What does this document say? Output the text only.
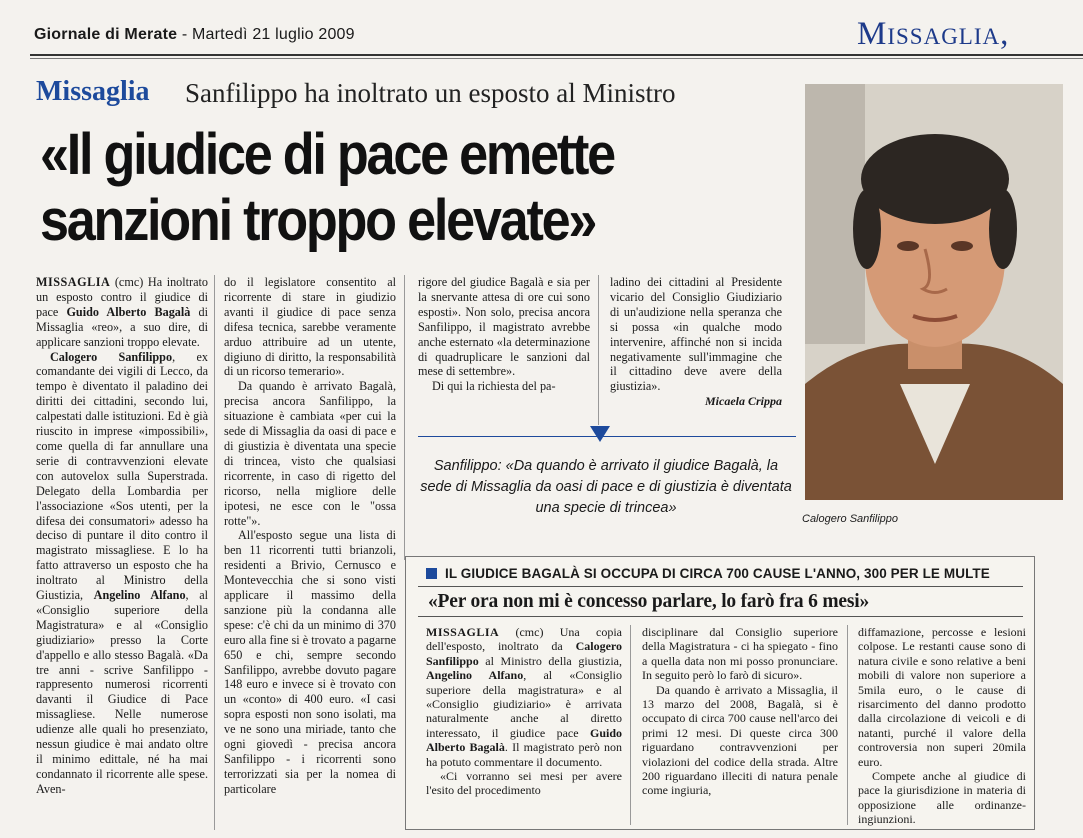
Giornale di Merate - Martedì 21 luglio 2009	Missaglia,
Missaglia Sanfilippo ha inoltrato un esposto al Ministro
«Il giudice di pace emette
sanzioni troppo elevate»
Calogero Sanfilippo

MISSAGLIA (cmc) Ha inoltrato un esposto contro il giudice di pace Guido Alberto Bagalà di Missaglia «reo», a suo dire, di applicare sanzioni troppo elevate.

Calogero Sanfilippo, ex comandante dei vigili di Lecco, da tempo è diventato il paladino dei diritti dei cittadini, secondo lui, calpestati dalle istituzioni. Ed è già riuscito in imprese «impossibili», come quella di far annullare una serie di contravvenzioni elevate con autovelox sulla Superstrada. Delegato della Lombardia per l'associazione «Sos utenti, per la difesa dei consumatori» adesso ha deciso di puntare il dito contro il magistrato missagliese. E lo ha fatto attraverso un esposto che ha inoltrato al Ministro della Giustizia, Angelino Alfano, al «Consiglio superiore della Magistratura» e al «Consiglio giudiziario» presso la Corte d'appello e allo stesso Bagalà. «Da tre anni - scrive Sanfilippo - rappresento numerosi ricorrenti davanti il Giudice di Pace missagliese. Nelle numerose udienze alle quali ho presenziato, nessun giudice è mai andato oltre il minimo edittale, né ha mai condannato il ricorrente alle spese. Aven-

do il legislatore consentito al ricorrente di stare in giudizio avanti il giudice di pace senza difesa tecnica, sarebbe veramente arduo attribuire ad un utente, digiuno di diritto, la responsabilità di un ricorso temerario».

Da quando è arrivato Bagalà, precisa ancora Sanfilippo, la situazione è cambiata «per cui la sede di Missaglia da oasi di pace e di giustizia è diventata una specie di trincea, visto che qualsiasi ricorrente, in caso di rigetto del ricorso, nella migliore delle ipotesi, ne esce con le "ossa rotte"».

All'esposto segue una lista di ben 11 ricorrenti tutti brianzoli, residenti a Brivio, Cernusco e Montevecchia che si sono visti applicare il massimo della sanzione più la condanna alle spese: c'è chi da un minimo di 370 euro alla fine si è trovato a pagarne 650 e chi, sempre secondo Sanfilippo, avrebbe dovuto pagare 148 euro e invece si è trovato con un «conto» di 400 euro. «I casi sopra esposti non sono isolati, ma ve ne sono una miriade, tanto che ogni giovedì - precisa ancora Sanfilippo - i ricorrenti sono terrorizzati sia per la nomea di particolare

rigore del giudice Bagalà e sia per la snervante attesa di ore cui sono esposti». Non solo, precisa ancora Sanfilippo, il magistrato avrebbe anche esternato «la determinazione di quadruplicare le sanzioni dal mese di settembre».

Di qui la richiesta del pa-

ladino dei cittadini al Presidente vicario del Consiglio Giudiziario di un'audizione nella speranza che si possa «in qualche modo intervenire, affinché non si incida negativamente sull'immagine che il cittadino deve avere della giustizia».

Micaela Crippa
Sanfilippo: «Da quando è arrivato il giudice Bagalà, la sede di Missaglia da oasi di pace e di giustizia è diventata una specie di trincea»
IL GIUDICE BAGALÀ SI OCCUPA DI CIRCA 700 CAUSE L'ANNO, 300 PER LE MULTE
«Per ora non mi è concesso parlare, lo farò fra 6 mesi»

MISSAGLIA (cmc) Una copia dell'esposto, inoltrato da Calogero Sanfilippo al Ministro della giustizia, Angelino Alfano, al «Consiglio superiore della magistratura» e al «Consiglio giudiziario» è arrivata naturalmente anche al diretto interessato, il giudice pace Guido Alberto Bagalà. Il magistrato però non ha potuto commentare il documento.

«Ci vorranno sei mesi per avere l'esito del procedimento

disciplinare dal Consiglio superiore della Magistratura - ci ha spiegato - fino a quella data non mi posso pronunciare. In seguito però lo farò di sicuro».

Da quando è arrivato a Missaglia, il 13 marzo del 2008, Bagalà, si è occupato di circa 700 cause nell'arco dei primi 12 mesi. Di queste circa 300 riguardano contravvenzioni per violazioni del codice della strada. Altre 200 riguardano illeciti di natura penale come ingiuria,

diffamazione, percosse e lesioni colpose. Le restanti cause sono di natura civile e sono relative a beni mobili di valore non superiore a 5mila euro, o le cause di risarcimento del danno prodotto dalla circolazione di veicoli e di natanti, purché il valore della controversia non superi 20mila euro.

Compete anche al giudice di pace la giurisdizione in materia di opposizione alle ordinanze-ingiunzioni.
